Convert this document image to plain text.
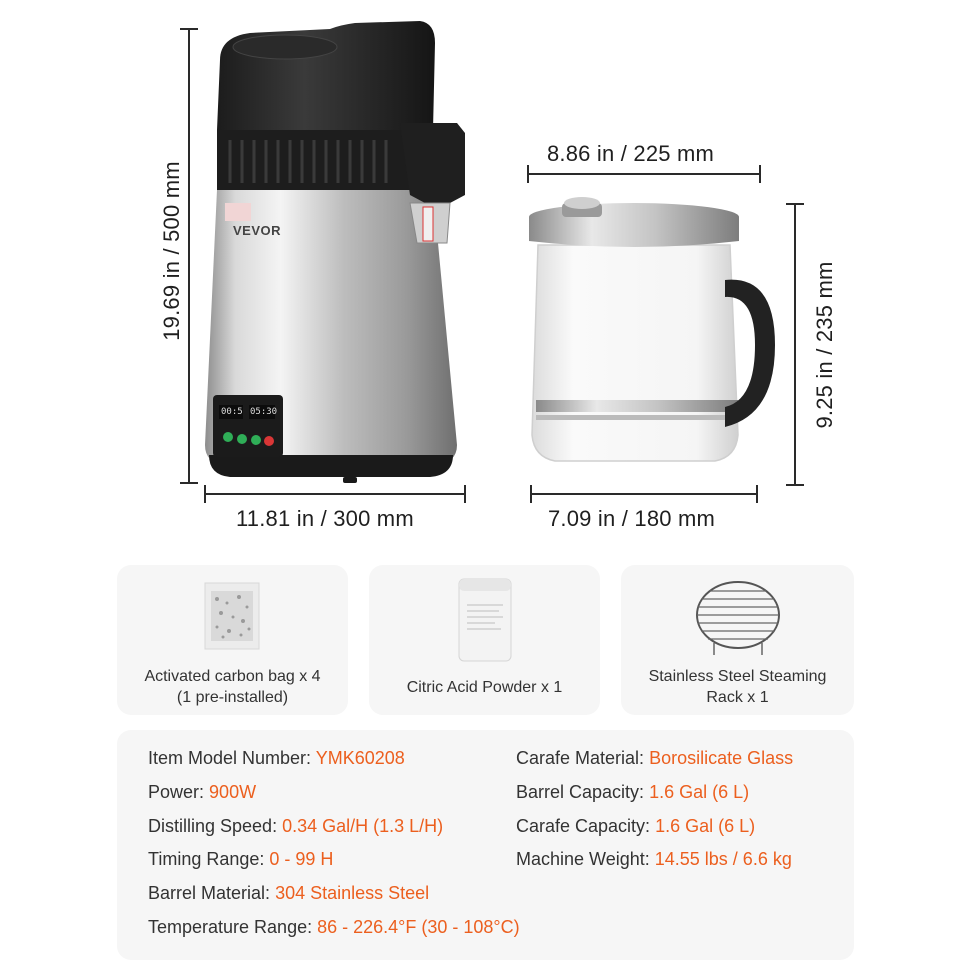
VEVOR
00:5 05:30
19.69 in / 500 mm
11.81 in / 300 mm
8.86 in / 225 mm
7.09 in / 180 mm
9.25 in / 235 mm
Activated carbon bag x 4
(1 pre-installed)
Citric Acid Powder x 1
Stainless Steel Steaming
Rack x 1
Item Model Number: YMK60208
Power: 900W
Distilling Speed: 0.34 Gal/H (1.3 L/H)
Timing Range: 0 - 99 H
Barrel Material: 304 Stainless Steel
Temperature Range: 86 - 226.4°F (30 - 108°C)
Carafe Material: Borosilicate Glass
Barrel Capacity: 1.6 Gal (6 L)
Carafe Capacity: 1.6 Gal (6 L)
Machine Weight: 14.55 lbs / 6.6 kg
